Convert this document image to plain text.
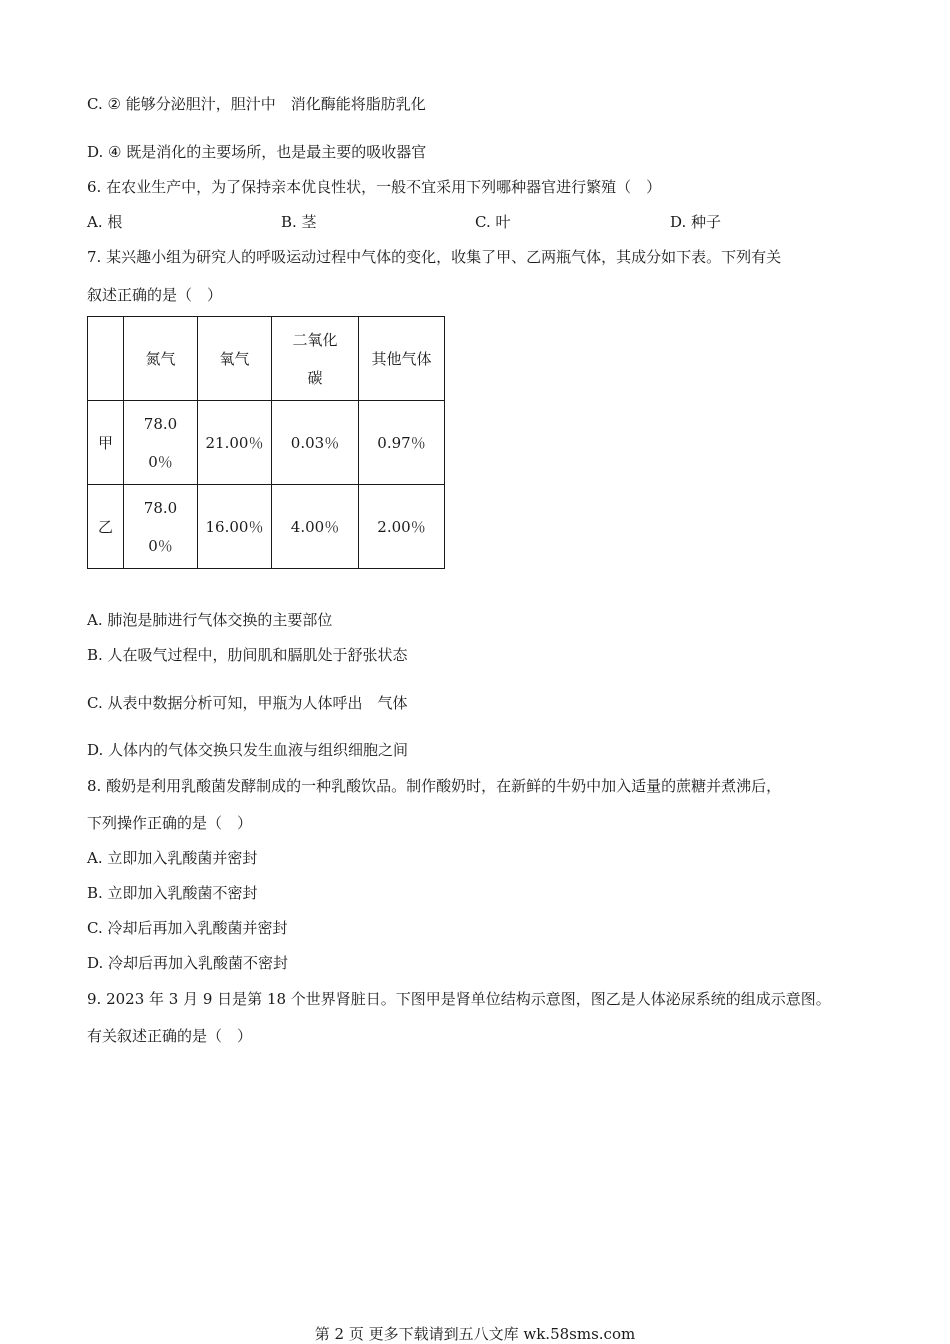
C. ② 能够分泌胆汁，胆汁中　消化酶能将脂肪乳化
D. ④ 既是消化的主要场所，也是最主要的吸收器官
6. 在农业生产中，为了保持亲本优良性状，一般不宜采用下列哪种器官进行繁殖（　）
A. 根	B. 茎	C. 叶	D. 种子
7. 某兴趣小组为研究人的呼吸运动过程中气体的变化，收集了甲、乙两瓶气体，其成分如下表。下列有关
叙述正确的是（　）
	氮气	氧气	二氧化碳	其他气体
甲	78.00％	21.00％	0.03％	0.97％
乙	78.00％	16.00％	4.00％	2.00％
A. 肺泡是肺进行气体交换的主要部位
B. 人在吸气过程中，肋间肌和膈肌处于舒张状态
C. 从表中数据分析可知，甲瓶为人体呼出　气体
D. 人体内的气体交换只发生血液与组织细胞之间
8. 酸奶是利用乳酸菌发酵制成的一种乳酸饮品。制作酸奶时，在新鲜的牛奶中加入适量的蔗糖并煮沸后，
下列操作正确的是（　）
A. 立即加入乳酸菌并密封
B. 立即加入乳酸菌不密封
C. 冷却后再加入乳酸菌并密封
D. 冷却后再加入乳酸菌不密封
9. 2023 年 3 月 9 日是第 18 个世界肾脏日。下图甲是肾单位结构示意图，图乙是人体泌尿系统的组成示意图。
有关叙述正确的是（　）
第 2 页 更多下载请到五八文库 wk.58sms.com
